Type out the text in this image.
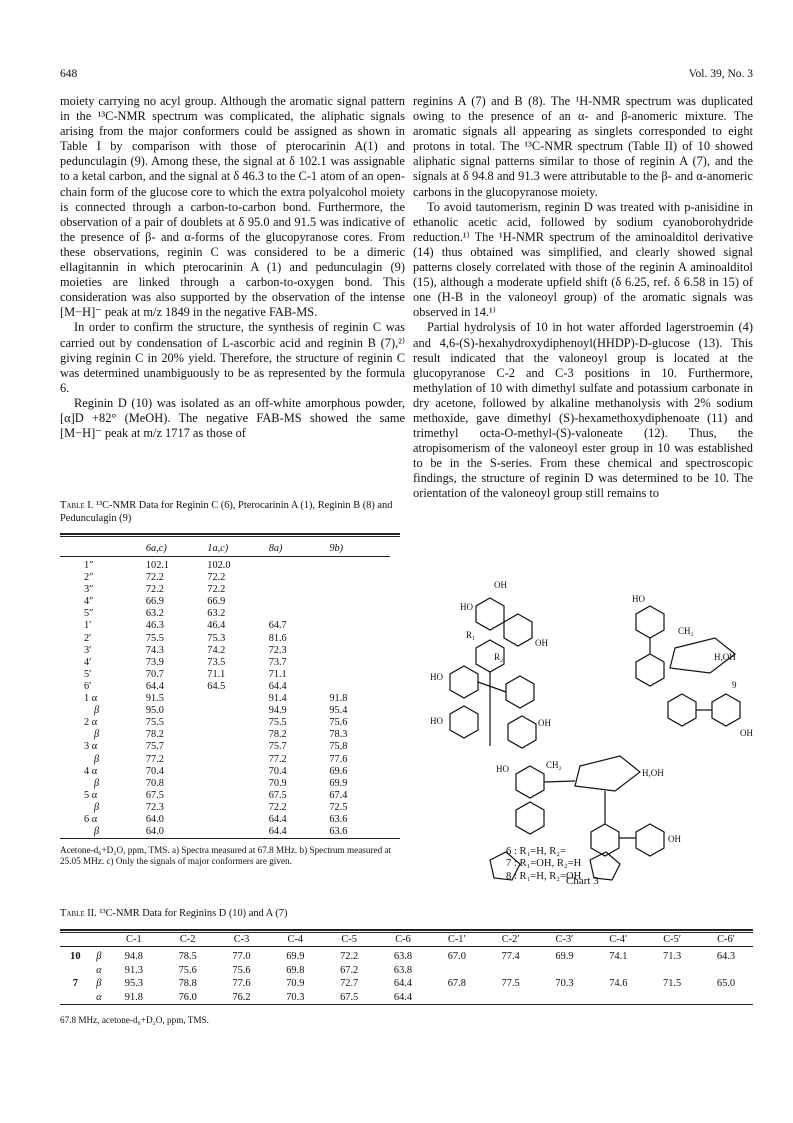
648	Vol. 39, No. 3

moiety carrying no acyl group. Although the aromatic signal pattern in the ¹³C-NMR spectrum was complicated, the aliphatic signals arising from the major conformers could be assigned as shown in Table I by comparison with those of pterocarinin A(1) and pedunculagin (9). Among these, the signal at δ 102.1 was assignable to a ketal carbon, and the signal at δ 46.3 to the C-1 atom of an open-chain form of the glucose core to which the extra polyalcohol moiety is connected through a carbon-to-carbon bond. Furthermore, the observation of a pair of doublets at δ 95.0 and 91.5 was indicative of the presence of β- and α-forms of the glucopyranose cores. From these observations, reginin C was considered to be a dimeric ellagitannin in which pterocarinin A (1) and pedunculagin (9) moieties are linked through a carbon-to-oxygen bond. This consideration was also supported by the observation of the intense [M−H]⁻ peak at m/z 1849 in the negative FAB-MS.

In order to confirm the structure, the synthesis of reginin C was carried out by condensation of L-ascorbic acid and reginin B (7),²⁾ giving reginin C in 20% yield. Therefore, the structure of reginin C was determined unambiguously to be as represented by the formula 6.

Reginin D (10) was isolated as an off-white amorphous powder, [α]D +82° (MeOH). The negative FAB-MS showed the same [M−H]⁻ peak at m/z 1717 as those of

Table I. ¹³C-NMR Data for Reginin C (6), Pterocarinin A (1), Reginin B (8) and Pedunculagin (9)

	6a,c)	1a,c)	8a)	9b)

1″	102.1	102.0		
2″	72.2	72.2		
3″	72.2	72.2		
4″	66.9	66.9		
5″	63.2	63.2		
1′	46.3	46.4	64.7	
2′	75.5	75.3	81.6	
3′	74.3	74.2	72.3	
4′	73.9	73.5	73.7	
5′	70.7	71.1	71.1	
6′	64.4	64.5	64.4	
1 α	91.5		91.4	91.8
β	95.0		94.9	95.4
2 α	75.5		75.5	75.6
β	78.2		78.2	78.3
3 α	75.7		75.7	75.8
β	77.2		77.2	77.6
4 α	70.4		70.4	69.6
β	70.8		70.9	69.9
5 α	67.5		67.5	67.4
β	72.3		72.2	72.5
6 α	64.0		64.4	63.6
β	64.0		64.4	63.6
Acetone-d₆+D₂O, ppm, TMS. a) Spectra measured at 67.8 MHz. b) Spectrum measured at 25.05 MHz. c) Only the signals of major conformers are given.

reginins A (7) and B (8). The ¹H-NMR spectrum was duplicated owing to the presence of an α- and β-anomeric mixture. The aromatic signals all appearing as singlets corresponded to eight protons in total. The ¹³C-NMR spectrum (Table II) of 10 showed aliphatic signal patterns similar to those of reginin A (7), and the signals at δ 94.8 and 91.3 were attributable to the β- and α-anomeric carbons in the glucopyranose moiety.

To avoid tautomerism, reginin D was treated with p-anisidine in ethanolic acetic acid, followed by sodium cyanoborohydride reduction.¹⁾ The ¹H-NMR spectrum of the aminoalditol derivative (14) thus obtained was simplified, and clearly showed signal patterns closely correlated with those of the reginin A aminoalditol (15), although a moderate upfield shift (δ 6.25, ref. δ 6.58 in 15) of one (H-B in the valoneoyl group) of the aromatic signals was observed in 14.¹⁾

Partial hydrolysis of 10 in hot water afforded lagerstroemin (4) and 4,6-(S)-hexahydroxydiphenoyl(HHDP)-D-glucose (13). This result indicated that the valoneoyl group is located at the glucopyranose C-2 and C-3 positions in 10. Furthermore, methylation of 10 with dimethyl sulfate and potassium carbonate in dry acetone, followed by alkaline methanolysis with 2% sodium methoxide, gave dimethyl (S)-hexamethoxydiphenoate (11) and trimethyl octa-O-methyl-(S)-valoneate (12). Thus, the atropisomerism of the valoneoyl ester group in 10 was established to be in the S-series. From these chemical and spectroscopic findings, the structure of reginin D was determined to be 10. The orientation of the valoneoyl group still remains to

OH
HO
OH
R₁
R₂
HO
HO	OH
HO	CH₂
H,OH
OH
HO
CH₂
H,OH
OH
9
6 : R₁=H, R₂=
7 : R₁=OH, R₂=H
8 : R₁=H, R₂=OH
Chart 3

Table II. ¹³C-NMR Data for Reginins D (10) and A (7)

		C-1	C-2	C-3	C-4	C-5	C-6	C-1′	C-2′	C-3′	C-4′	C-5′	C-6′

10	β	94.8	78.5	77.0	69.9	72.2	63.8	67.0	77.4	69.9	74.1	71.3	64.3
	α	91.3	75.6	75.6	69.8	67.2	63.8						
7	β	95.3	78.8	77.6	70.9	72.7	64.4	67.8	77.5	70.3	74.6	71.5	65.0
	α	91.8	76.0	76.2	70.3	67.5	64.4						
67.8 MHz, acetone-d₆+D₂O, ppm, TMS.
